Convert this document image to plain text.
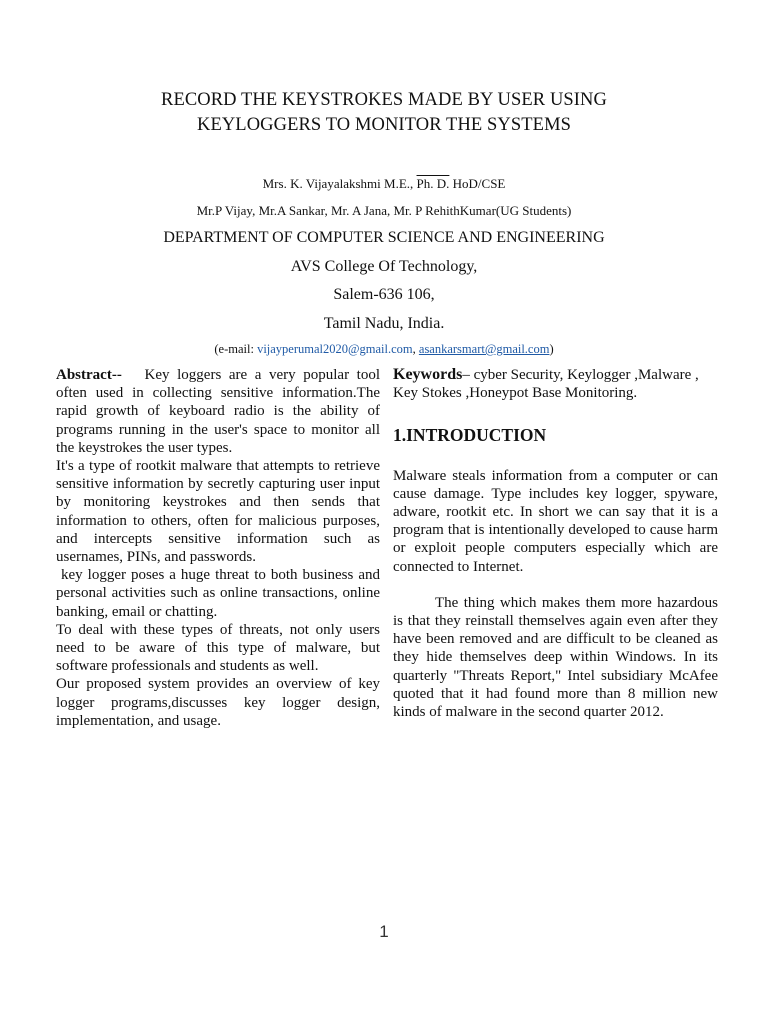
RECORD THE KEYSTROKES MADE BY USER USING
KEYLOGGERS TO MONITOR THE SYSTEMS
Mrs. K. Vijayalakshmi M.E., Ph. D. HoD/CSE
Mr.P Vijay, Mr.A Sankar, Mr. A Jana, Mr. P RehithKumar(UG Students)
DEPARTMENT OF COMPUTER SCIENCE AND ENGINEERING
AVS College Of Technology,
Salem-636 106,
Tamil Nadu, India.
(e-mail: vijayperumal2020@gmail.com, asankarsmart@gmail.com)

Abstract--   Key loggers are a very popular tool often used in collecting sensitive information.The rapid growth of keyboard radio is the ability of programs running in the user's space to monitor all the keystrokes the user types.

It's a type of rootkit malware that attempts to retrieve sensitive information by secretly capturing user input by monitoring keystrokes and then sends that information to others, often for malicious purposes, and intercepts sensitive information such as usernames, PINs, and passwords.

key logger poses a huge threat to both business and personal activities such as online transactions, online banking, email or chatting.

To deal with these types of threats, not only users need to be aware of this type of malware, but software professionals and students as well.

Our proposed system provides an overview of key logger programs,discusses key logger design, implementation, and usage.

Keywords– cyber Security, Keylogger ,Malware , Key Stokes ,Honeypot Base Monitoring.

1.INTRODUCTION

Malware steals information from a computer or can cause damage. Type includes key logger, spyware, adware, rootkit etc. In short we can say that it is a program that is intentionally developed to cause harm or exploit people computers especially which are connected to Internet.

The thing which makes them more hazardous is that they reinstall themselves again even after they have been removed and are difficult to be cleaned as they hide themselves deep within Windows. In its quarterly "Threats Report," Intel subsidiary McAfee quoted that it had found more than 8 million new kinds of malware in the second quarter 2012.

1
